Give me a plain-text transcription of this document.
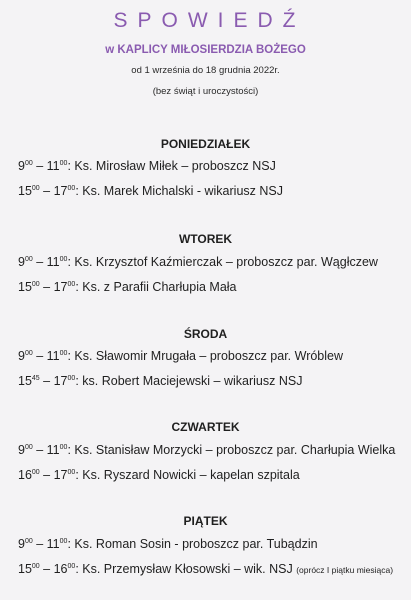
SPOWIEDŹ
w KAPLICY MIŁOSIERDZIA BOŻEGO
od 1 września do 18 grudnia 2022r.
(bez świąt i uroczystości)
PONIEDZIAŁEK
$9^{00} - 11^{00}$: Ks. Mirosław Miłek – proboszcz NSJ
$15^{00} - 17^{00}$: Ks. Marek Michalski - wikariusz NSJ
WTOREK
$9^{00} - 11^{00}$: Ks. Krzysztof Kaźmierczak – proboszcz par. Wągłczew
$15^{00} - 17^{00}$: Ks. z Parafii Charłupia Mała
ŚRODA
$9^{00} - 11^{00}$: Ks. Sławomir Mrugała – proboszcz par. Wróblew
$15^{45} - 17^{00}$: ks. Robert Maciejewski – wikariusz NSJ
CZWARTEK
$9^{00} - 11^{00}$: Ks. Stanisław Morzycki – proboszcz par. Charłupia Wielka
$16^{00} - 17^{00}$: Ks. Ryszard Nowicki – kapelan szpitala
PIĄTEK
$9^{00} - 11^{00}$: Ks. Roman Sosin - proboszcz par. Tubądzin
$15^{00} - 16^{00}$: Ks. Przemysław Kłosowski – wik. NSJ (oprócz I piątku miesiąca)
